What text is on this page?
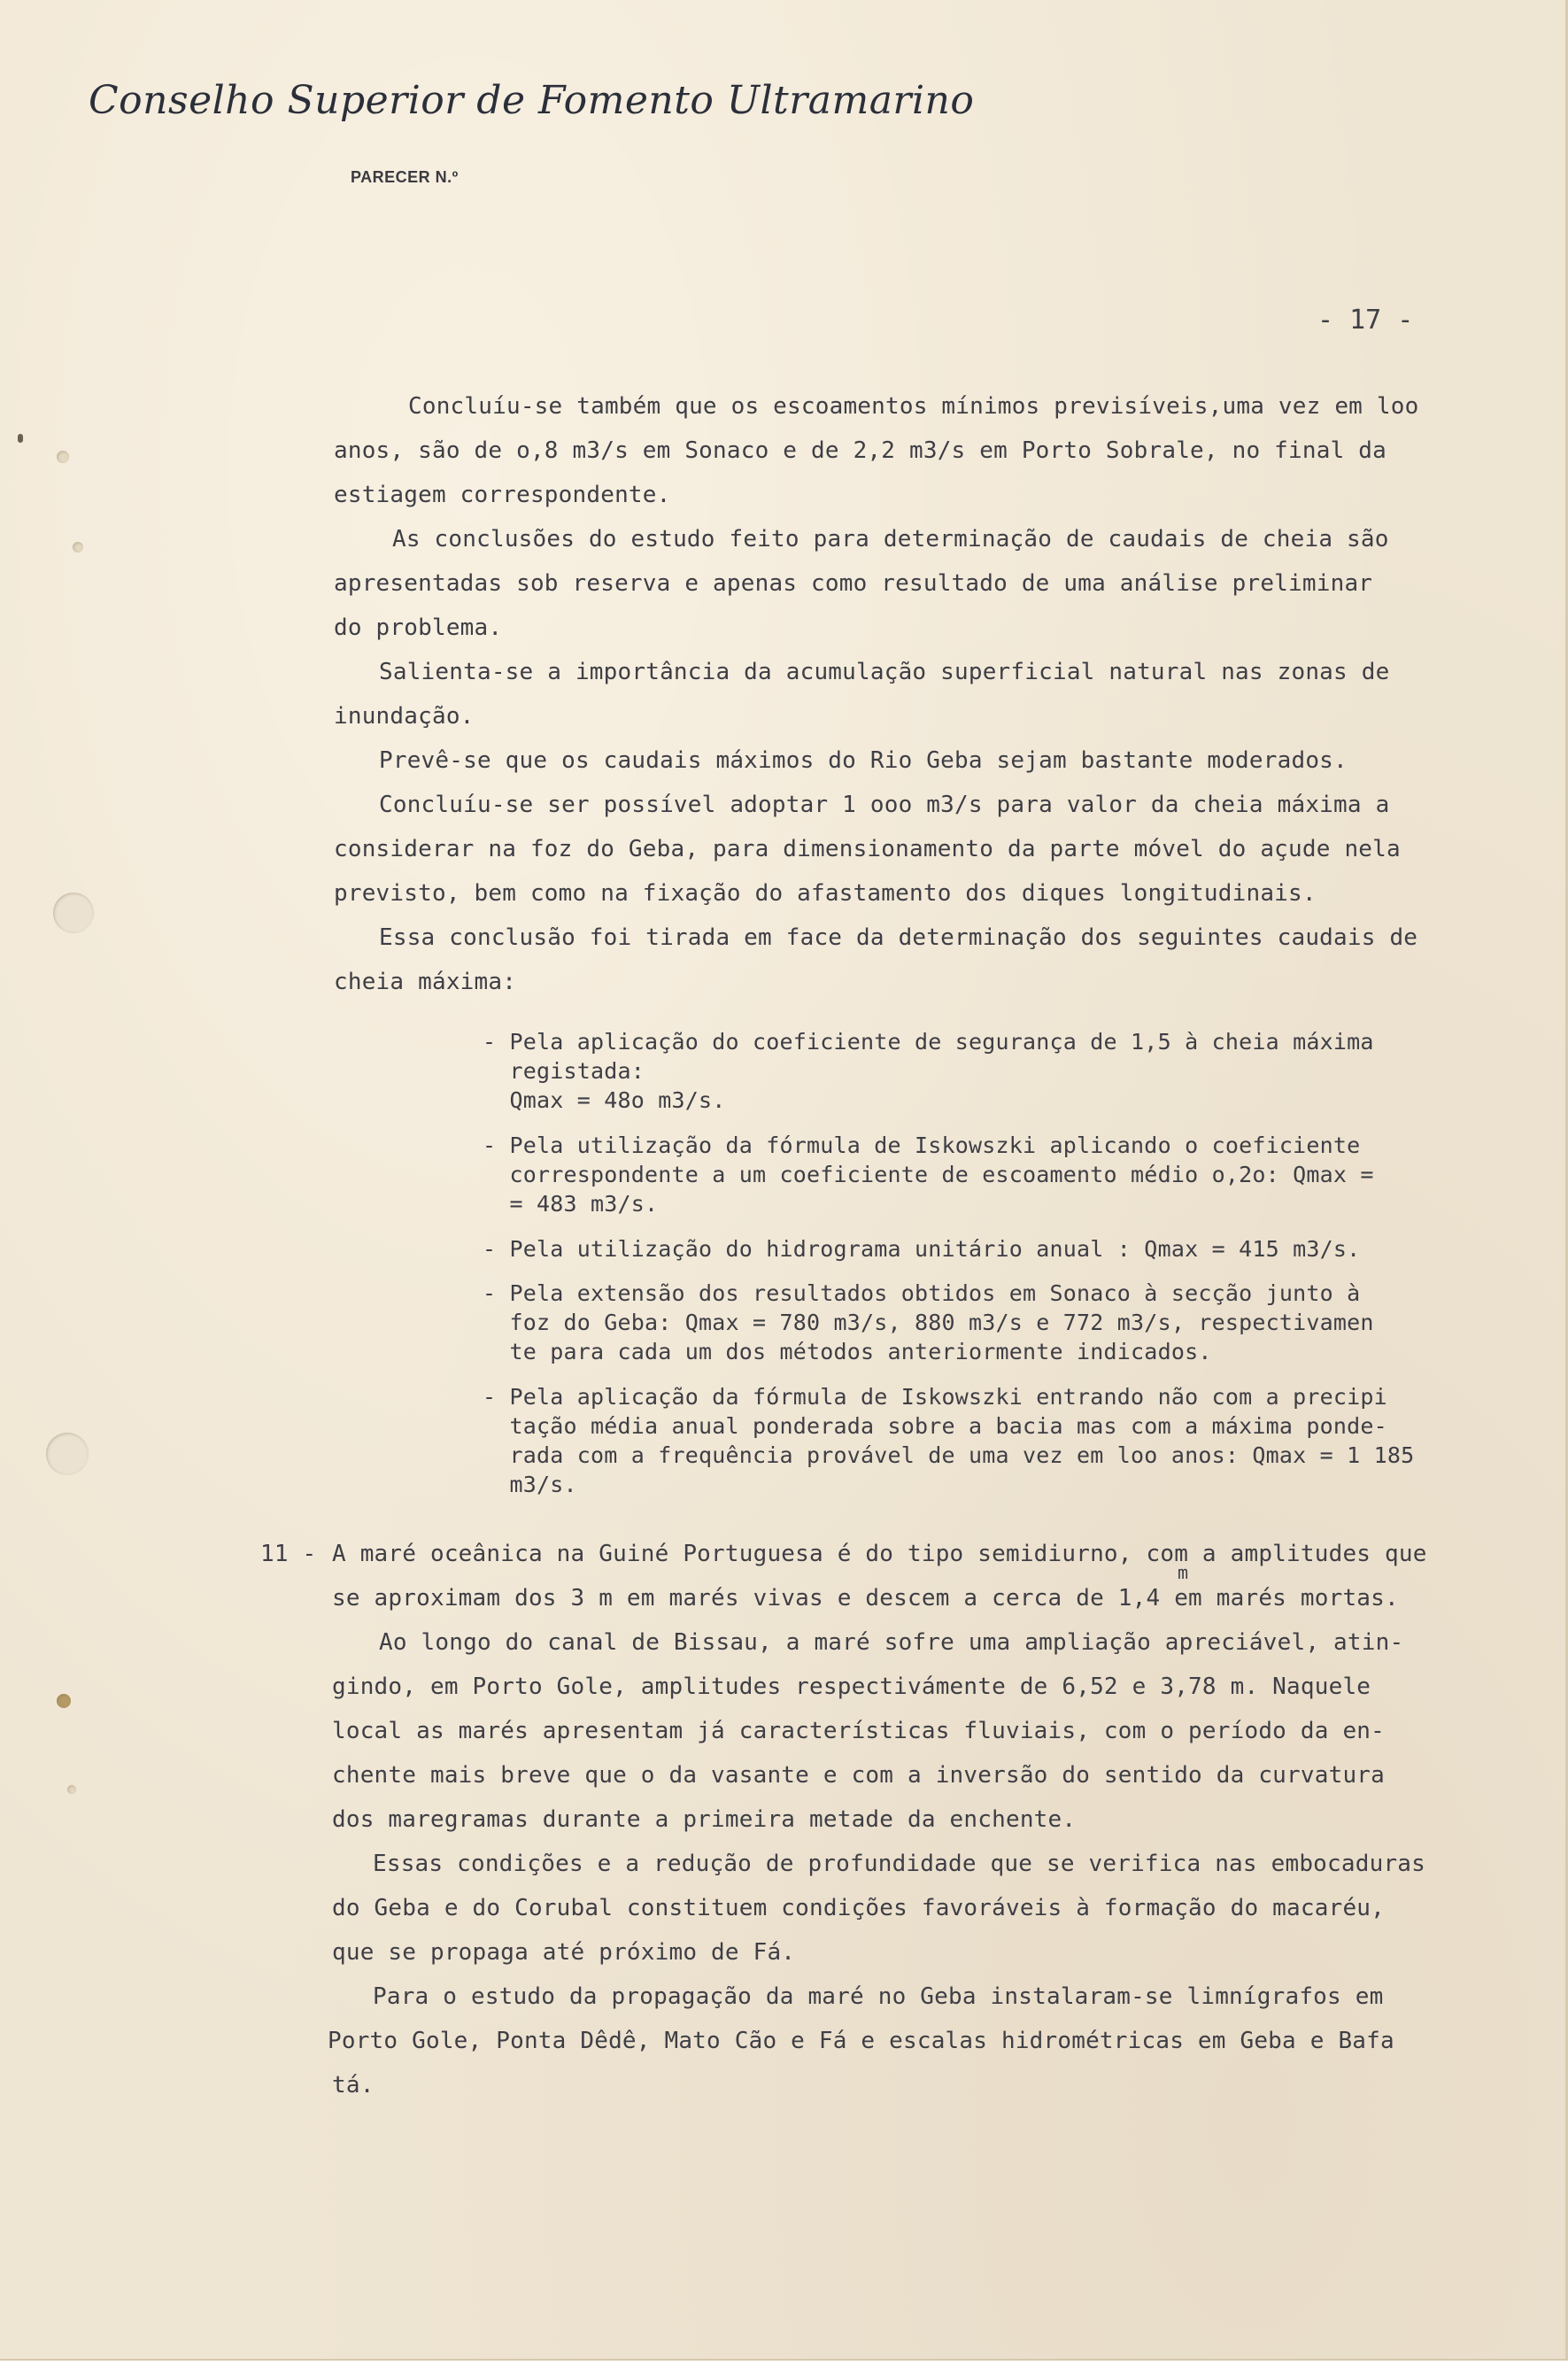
Conselho Superior de Fomento Ultramarino
PARECER N.º
- 17 -
Concluíu-se também que os escoamentos mínimos previsíveis,uma vez em loo
anos, são de o,8 m3/s em Sonaco e de 2,2 m3/s em Porto Sobrale, no final da
estiagem correspondente.
As conclusões do estudo feito para determinação de caudais de cheia são
apresentadas sob reserva e apenas como resultado de uma análise preliminar
do problema.
Salienta-se a importância da acumulação superficial natural nas zonas de
inundação.
Prevê-se que os caudais máximos do Rio Geba sejam bastante moderados.
Concluíu-se ser possível adoptar 1 ooo m3/s para valor da cheia máxima a
considerar na foz do Geba, para dimensionamento da parte móvel do açude nela
previsto, bem como na fixação do afastamento dos diques longitudinais.
Essa conclusão foi tirada em face da determinação dos seguintes caudais de
cheia máxima:
- Pela aplicação do coeficiente de segurança de 1,5 à cheia máxima
registada:
Qmax = 48o m3/s.
- Pela utilização da fórmula de Iskowszki aplicando o coeficiente
correspondente a um coeficiente de escoamento médio o,2o: Qmax =
= 483 m3/s.
- Pela utilização do hidrograma unitário anual : Qmax = 415 m3/s.
- Pela extensão dos resultados obtidos em Sonaco à secção junto à
foz do Geba: Qmax = 780 m3/s, 880 m3/s e 772 m3/s, respectivamen
te para cada um dos métodos anteriormente indicados.
- Pela aplicação da fórmula de Iskowszki entrando não com a precipi
tação média anual ponderada sobre a bacia mas com a máxima ponde-
rada com a frequência provável de uma vez em loo anos: Qmax = 1 185
m3/s.
11 - A maré oceânica na Guiné Portuguesa é do tipo semidiurno, com a amplitudes que
m
se aproximam dos 3 m em marés vivas e descem a cerca de 1,4 em marés mortas.
Ao longo do canal de Bissau, a maré sofre uma ampliação apreciável, atin-
gindo, em Porto Gole, amplitudes respectivámente de 6,52 e 3,78 m. Naquele
local as marés apresentam já características fluviais, com o período da en-
chente mais breve que o da vasante e com a inversão do sentido da curvatura
dos maregramas durante a primeira metade da enchente.
Essas condições e a redução de profundidade que se verifica nas embocaduras
do Geba e do Corubal constituem condições favoráveis à formação do macaréu,
que se propaga até próximo de Fá.
Para o estudo da propagação da maré no Geba instalaram-se limnígrafos em
Porto Gole, Ponta Dêdê, Mato Cão e Fá e escalas hidrométricas em Geba e Bafa
tá.
